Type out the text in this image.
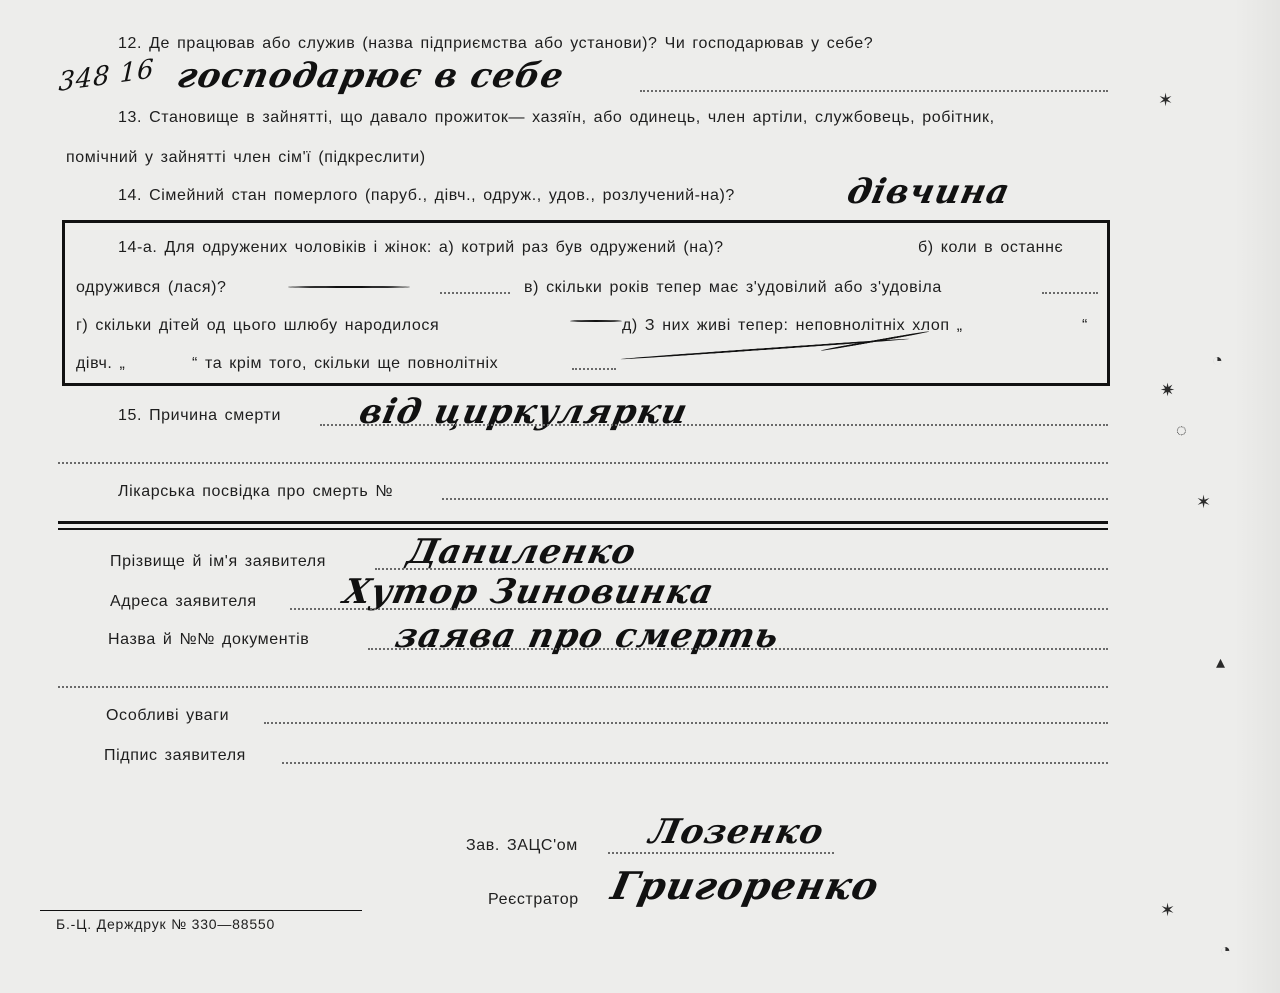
12. Де працював або служив (назва підприємства або установи)? Чи господарював у себе?
348 16 господарює в себе
13. Становище в зайнятті, що давало прожиток— хазяїн, або одинець, член артіли, службовець, робітник,
помічний у зайнятті член сім'ї (підкреслити)
14. Сімейний стан померлого (паруб., дівч., одруж., удов., розлучений-на)?	дівчина
14-а. Для одружених чоловіків і жінок: а) котрий раз був одружений (на)?	б) коли в останнє
одружився (лася)?	в) скільки років тепер має з'удовілий або з'удовіла
г) скільки дітей од цього шлюбу народилося	д) З них живі тепер: неповнолітніх хлоп „	“
дівч. „	“ та крім того, скільки ще повнолітніх
15. Причина смерти від циркулярки
Лікарська посвідка про смерть №
Прізвище й ім'я заявителя Даниленко
Адреса заявителя Хутор Зиновинка
Назва й №№ документів заява про смерть
Особливі уваги
Підпис заявителя
Зав. ЗАЦС'ом Лозенко
Реєстратор Григоренко
Б.-Ц. Держдрук № 330—88550
✶
◔
✷
◌
✶
▴
✶
◔
